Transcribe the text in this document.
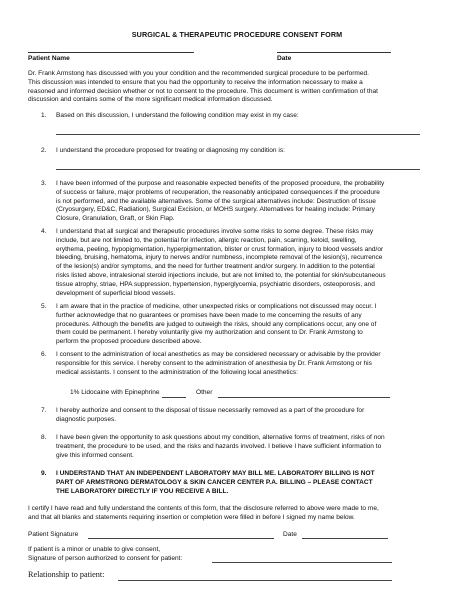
SURGICAL & THERAPEUTIC PROCEDURE CONSENT FORM
Patient Name	Date
Dr. Frank Armstong has discussed with you your condition and the recommended surgical procedure to be performed.
This discussion was intended to ensure that you had the opportunity to receive the information necessary to make a
reasoned and informed decision whether or not to consent to the procedure. This document is written confirmation of that
discussion and contains some of the more significant medical information discussed.
1. Based on this discussion, I understand the following condition may exist in my case:
2. I understand the procedure proposed for treating or diagnosing my condition is:
3. I have been informed of the purpose and reasonable expected benefits of the proposed procedure, the probability
of success or failure, major problems of recuperation, the reasonably anticipated consequences if the procedure
is not performed, and the available alternatives. Some of the surgical alternatives include: Destruction of tissue
(Cryosurgery, ED&C, Radiation), Surgical Excision, or MOHS surgery. Alternatives for healing include: Primary
Closure, Granulation, Graft, or Skin Flap.
4. I understand that all surgical and therapeutic procedures involve some risks to some degree. These risks may
include, but are not limited to, the potential for infection, allergic reaction, pain, scarring, keloid, swelling,
erythema, peeling, hypopigmentation, hyperpigmentation, blister or crust formation, injury to blood vessels and/or
bleeding, bruising, hematoma, injury to nerves and/or numbness, incomplete removal of the lesion(s), recurrence
of the lesion(s) and/or symptoms, and the need for further treatment and/or surgery. In addition to the potential
risks listed above, intralesional steroid injections include, but are not limited to, the potential for skin/subcutaneous
tissue atrophy, striae, HPA suppression, hypertension, hyperglycemia, psychiatric disorders, osteoporosis, and
development of superficial blood vessels.
5. I am aware that in the practice of medicine, other unexpected risks or complications not discussed may occur. I
further acknowledge that no guarantees or promises have been made to me concerning the results of any
procedures. Although the benefits are judged to outweigh the risks, should any complications occur, any one of
them could be permanent. I hereby voluntarily give my authorization and consent to Dr. Frank Armstong to
perform the proposed procedure described above.
6. I consent to the administration of local anesthetics as may be considered necessary or advisable by the provider
responsible for this service. I hereby consent to the administration of anesthesia by Dr. Frank Armstong or his
medical assistants. I consent to the administration of the following local anesthetics:
1% Lidocaine with Epinephrine	Other
7. I hereby authorize and consent to the disposal of tissue necessarily removed as a part of the procedure for
diagnostic purposes.
8. I have been given the opportunity to ask questions about my condition, alternative forms of treatment, risks of non
treatment, the procedure to be used, and the risks and hazards involved. I believe I have sufficient information to
give this informed consent.
9. I UNDERSTAND THAT AN INDEPENDENT LABORATORY MAY BILL ME. LABORATORY BILLING IS NOT
PART OF ARMSTRONG DERMATOLOGY & SKIN CANCER CENTER P.A. BILLING – PLEASE CONTACT
THE LABORATORY DIRECTLY IF YOU RECEIVE A BILL.
I certify I have read and fully understand the contents of this form, that the disclosure referred to above were made to me,
and that all blanks and statements requiring insertion or completion were filled in before I signed my name below.
Patient Signature	Date
If patient is a minor or unable to give consent,
Signature of person authorized to consent for patient:
Relationship to patient:
